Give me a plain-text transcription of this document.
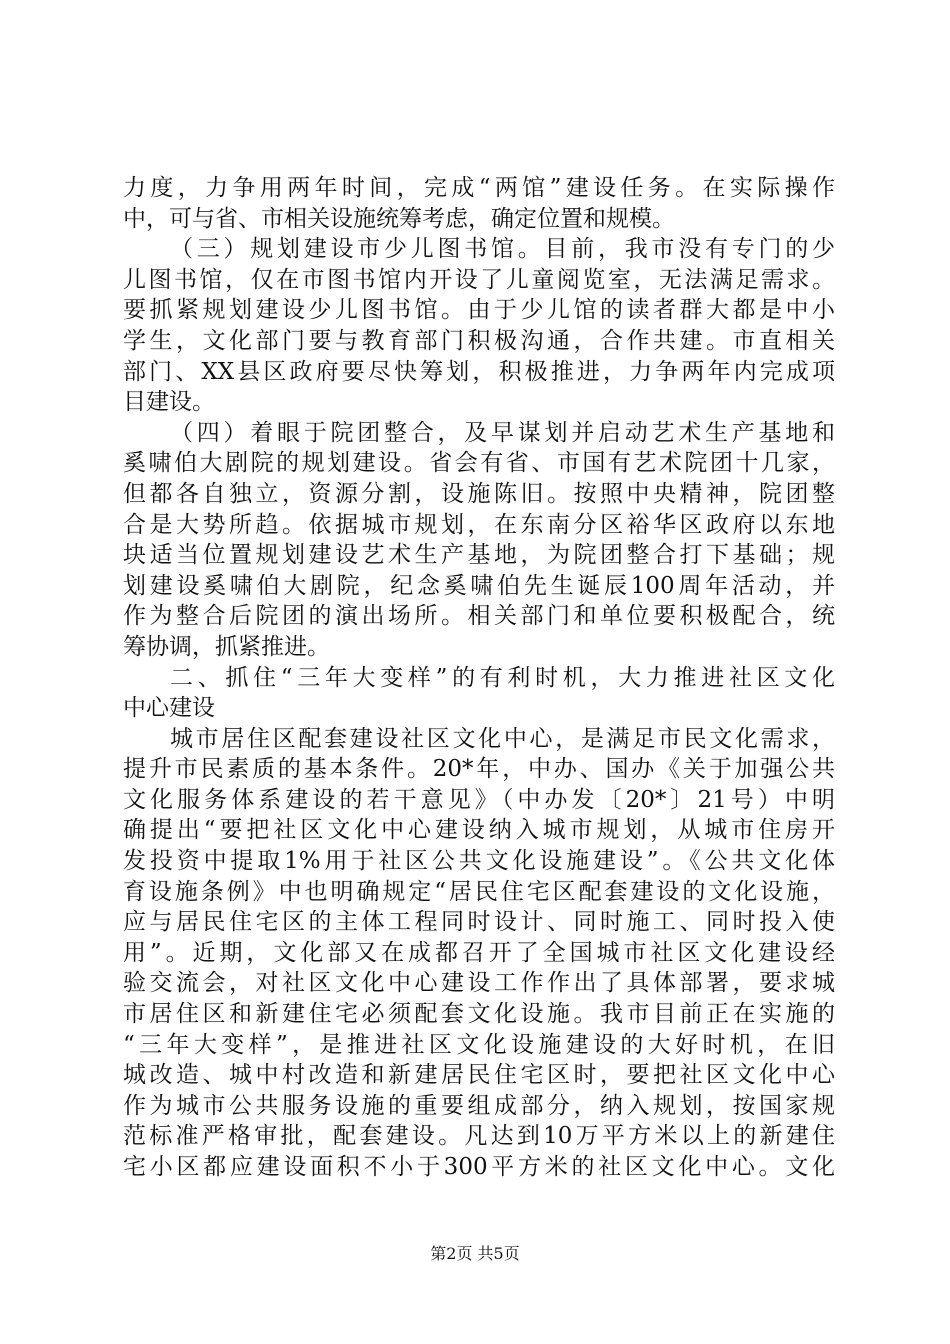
力度，力争用两年时间，完成“两馆”建设任务。在实际操作
中，可与省、市相关设施统筹考虑，确定位置和规模。
（三）规划建设市少儿图书馆。目前，我市没有专门的少
儿图书馆，仅在市图书馆内开设了儿童阅览室，无法满足需求。
要抓紧规划建设少儿图书馆。由于少儿馆的读者群大都是中小
学生，文化部门要与教育部门积极沟通，合作共建。市直相关
部门、XX县区政府要尽快筹划，积极推进，力争两年内完成项
目建设。
（四）着眼于院团整合，及早谋划并启动艺术生产基地和
奚啸伯大剧院的规划建设。省会有省、市国有艺术院团十几家，
但都各自独立，资源分割，设施陈旧。按照中央精神，院团整
合是大势所趋。依据城市规划，在东南分区裕华区政府以东地
块适当位置规划建设艺术生产基地，为院团整合打下基础；规
划建设奚啸伯大剧院，纪念奚啸伯先生诞辰100周年活动，并
作为整合后院团的演出场所。相关部门和单位要积极配合，统
筹协调，抓紧推进。
二、抓住“三年大变样”的有利时机，大力推进社区文化
中心建设
城市居住区配套建设社区文化中心，是满足市民文化需求，
提升市民素质的基本条件。20*年，中办、国办《关于加强公共
文化服务体系建设的若干意见》（中办发〔20*〕21号）中明
确提出“要把社区文化中心建设纳入城市规划，从城市住房开
发投资中提取1%用于社区公共文化设施建设”。《公共文化体
育设施条例》中也明确规定“居民住宅区配套建设的文化设施，
应与居民住宅区的主体工程同时设计、同时施工、同时投入使
用”。近期，文化部又在成都召开了全国城市社区文化建设经
验交流会，对社区文化中心建设工作作出了具体部署，要求城
市居住区和新建住宅必须配套文化设施。我市目前正在实施的
“三年大变样”，是推进社区文化设施建设的大好时机，在旧
城改造、城中村改造和新建居民住宅区时，要把社区文化中心
作为城市公共服务设施的重要组成部分，纳入规划，按国家规
范标准严格审批，配套建设。凡达到10万平方米以上的新建住
宅小区都应建设面积不小于300平方米的社区文化中心。文化
第2页 共5页
